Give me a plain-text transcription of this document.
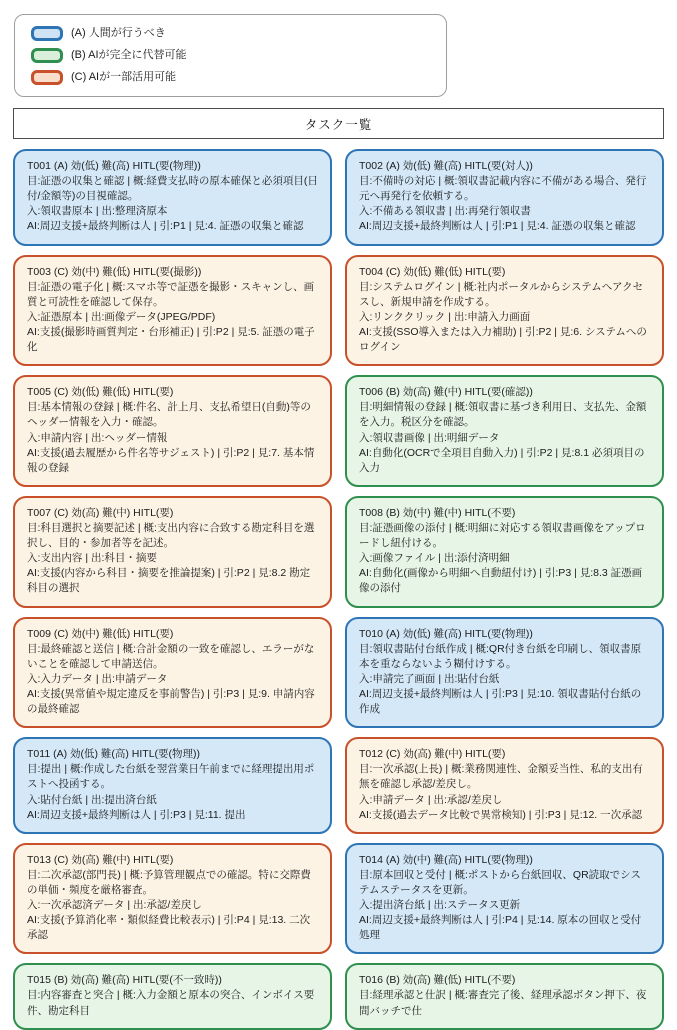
(A) 人間が行うべき
(B) AIが完全に代替可能
(C) AIが一部活用可能
タスク一覧
T001 (A) 効(低) 難(高) HITL(要(物理))
目:証憑の収集と確認 | 概:経費支払時の原本確保と必須項目(日付/金額等)の目視確認。
入:領収書原本 | 出:整理済原本
AI:周辺支援+最終判断は人 | 引:P1 | 見:4. 証憑の収集と確認
T002 (A) 効(低) 難(高) HITL(要(対人))
目:不備時の対応 | 概:領収書記載内容に不備がある場合、発行元へ再発行を依頼する。
入:不備ある領収書 | 出:再発行領収書
AI:周辺支援+最終判断は人 | 引:P1 | 見:4. 証憑の収集と確認
T003 (C) 効(中) 難(低) HITL(要(撮影))
目:証憑の電子化 | 概:スマホ等で証憑を撮影・スキャンし、画質と可読性を確認して保存。
入:証憑原本 | 出:画像データ(JPEG/PDF)
AI:支援(撮影時画質判定・台形補正) | 引:P2 | 見:5. 証憑の電子化
T004 (C) 効(低) 難(低) HITL(要)
目:システムログイン | 概:社内ポータルからシステムへアクセスし、新規申請を作成する。
入:リンククリック | 出:申請入力画面
AI:支援(SSO導入または入力補助) | 引:P2 | 見:6. システムへのログイン
T005 (C) 効(低) 難(低) HITL(要)
目:基本情報の登録 | 概:件名、計上月、支払希望日(自動)等のヘッダー情報を入力・確認。
入:申請内容 | 出:ヘッダー情報
AI:支援(過去履歴から件名等サジェスト) | 引:P2 | 見:7. 基本情報の登録
T006 (B) 効(高) 難(中) HITL(要(確認))
目:明細情報の登録 | 概:領収書に基づき利用日、支払先、金額を入力。税区分を確認。
入:領収書画像 | 出:明細データ
AI:自動化(OCRで全項目自動入力) | 引:P2 | 見:8.1 必須項目の入力
T007 (C) 効(高) 難(中) HITL(要)
目:科目選択と摘要記述 | 概:支出内容に合致する勘定科目を選択し、目的・参加者等を記述。
入:支出内容 | 出:科目・摘要
AI:支援(内容から科目・摘要を推論提案) | 引:P2 | 見:8.2 勘定科目の選択
T008 (B) 効(中) 難(中) HITL(不要)
目:証憑画像の添付 | 概:明細に対応する領収書画像をアップロードし紐付ける。
入:画像ファイル | 出:添付済明細
AI:自動化(画像から明細へ自動紐付け) | 引:P3 | 見:8.3 証憑画像の添付
T009 (C) 効(中) 難(低) HITL(要)
目:最終確認と送信 | 概:合計金額の一致を確認し、エラーがないことを確認して申請送信。
入:入力データ | 出:申請データ
AI:支援(異常値や規定違反を事前警告) | 引:P3 | 見:9. 申請内容の最終確認
T010 (A) 効(低) 難(高) HITL(要(物理))
目:領収書貼付台紙作成 | 概:QR付き台紙を印刷し、領収書原本を重ならないよう糊付けする。
入:申請完了画面 | 出:貼付台紙
AI:周辺支援+最終判断は人 | 引:P3 | 見:10. 領収書貼付台紙の作成
T011 (A) 効(低) 難(高) HITL(要(物理))
目:提出 | 概:作成した台紙を翌営業日午前までに経理提出用ポストへ投函する。
入:貼付台紙 | 出:提出済台紙
AI:周辺支援+最終判断は人 | 引:P3 | 見:11. 提出
T012 (C) 効(高) 難(中) HITL(要)
目:一次承認(上長) | 概:業務関連性、金額妥当性、私的支出有無を確認し承認/差戻し。
入:申請データ | 出:承認/差戻し
AI:支援(過去データ比較で異常検知) | 引:P3 | 見:12. 一次承認
T013 (C) 効(高) 難(中) HITL(要)
目:二次承認(部門長) | 概:予算管理観点での確認。特に交際費の単価・頻度を厳格審査。
入:一次承認済データ | 出:承認/差戻し
AI:支援(予算消化率・類似経費比較表示) | 引:P4 | 見:13. 二次承認
T014 (A) 効(中) 難(高) HITL(要(物理))
目:原本回収と受付 | 概:ポストから台紙回収、QR読取でシステムステータスを更新。
入:提出済台紙 | 出:ステータス更新
AI:周辺支援+最終判断は人 | 引:P4 | 見:14. 原本の回収と受付処理
T015 (B) 効(高) 難(高) HITL(要(不一致時))
目:内容審査と突合 | 概:入力金額と原本の突合、インボイス要件、勘定科目
T016 (B) 効(高) 難(低) HITL(不要)
目:経理承認と仕訳 | 概:審査完了後、経理承認ボタン押下、夜間バッチで仕
